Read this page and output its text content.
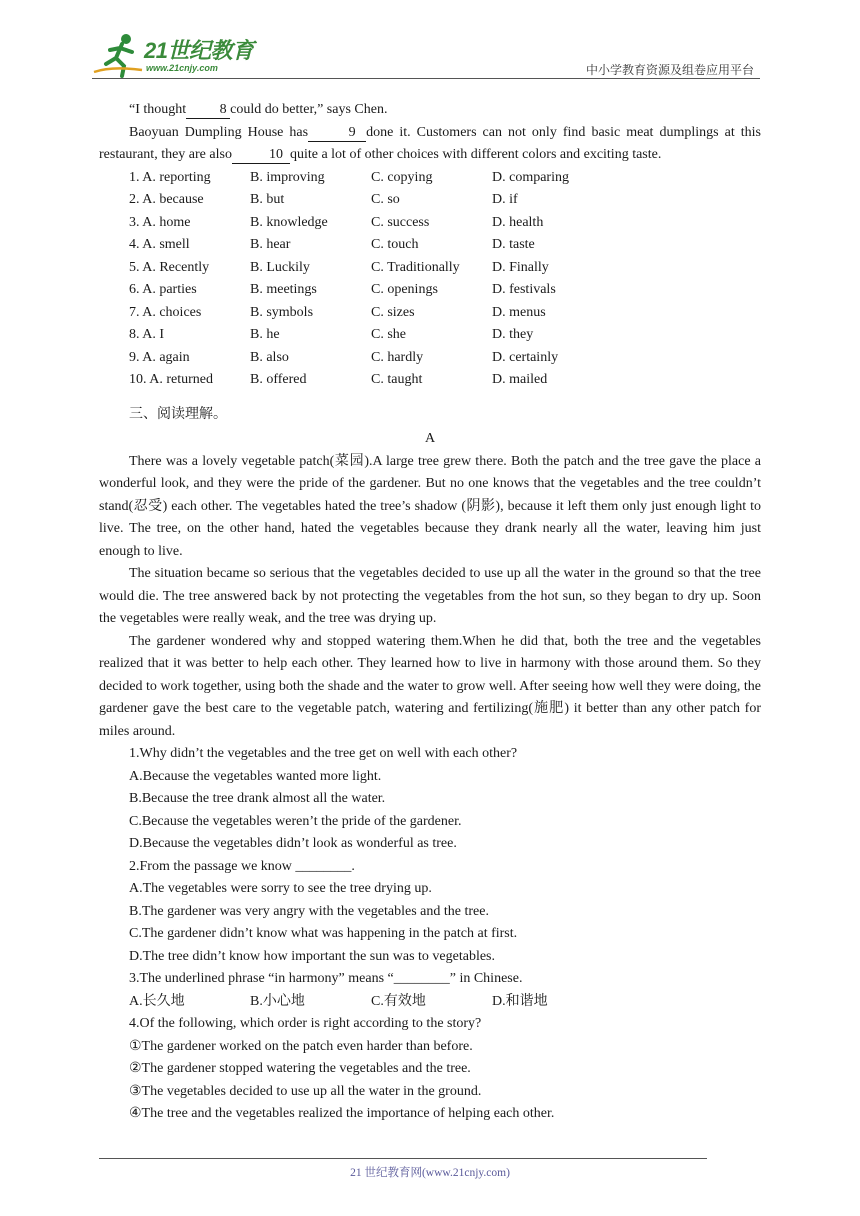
21世纪教育
www.21cnjy.com	中小学教育资源及组卷应用平台

“I thought 8 could do better,” says Chen.

Baoyuan Dumpling House has	9 done it. Customers can not only find basic meat dumplings at this restaurant, they are also	10 quite a lot of other choices with different colors and exciting taste.

1. A. reporting	B. improving	C. copying	D. comparing
2. A. because	B. but	C. so	D. if
3. A. home	B. knowledge	C. success	D. health
4. A. smell	B. hear	C. touch	D. taste
5. A. Recently	B. Luckily	C. Traditionally	D. Finally
6. A. parties	B. meetings	C. openings	D. festivals
7. A. choices	B. symbols	C. sizes	D. menus
8. A. I	B. he	C. she	D. they
9. A. again	B. also	C. hardly	D. certainly
10. A. returned	B. offered	C. taught	D. mailed
三、阅读理解。
A

There was a lovely vegetable patch(菜园).A large tree grew there. Both the patch and the tree gave the place a wonderful look, and they were the pride of the gardener. But no one knows that the vegetables and the tree couldn’t stand(忍受) each other. The vegetables hated the tree’s shadow (阴影), because it left them only just enough light to live. The tree, on the other hand, hated the vegetables because they drank nearly all the water, leaving him just enough to live.

The situation became so serious that the vegetables decided to use up all the water in the ground so that the tree would die. The tree answered back by not protecting the vegetables from the hot sun, so they began to dry up. Soon the vegetables were really weak, and the tree was drying up.

The gardener wondered why and stopped watering them.When he did that, both the tree and the vegetables realized that it was better to help each other. They learned how to live in harmony with those around them. So they decided to work together, using both the shade and the water to grow well. After seeing how well they were doing, the gardener gave the best care to the vegetable patch, watering and fertilizing(施肥) it better than any other patch for miles around.

1.Why didn’t the vegetables and the tree get on well with each other?

A.Because the vegetables wanted more light.

B.Because the tree drank almost all the water.

C.Because the vegetables weren’t the pride of the gardener.

D.Because the vegetables didn’t look as wonderful as tree.

2.From the passage we know ________.

A.The vegetables were sorry to see the tree drying up.

B.The gardener was very angry with the vegetables and the tree.

C.The gardener didn’t know what was happening in the patch at first.

D.The tree didn’t know how important the sun was to vegetables.

3.The underlined phrase “in harmony” means “________” in Chinese.

A.长久地	B.小心地	C.有效地	D.和谐地

4.Of the following, which order is right according to the story?

①The gardener worked on the patch even harder than before.

②The gardener stopped watering the vegetables and the tree.

③The vegetables decided to use up all the water in the ground.

④The tree and the vegetables realized the importance of helping each other.

21 世纪教育网(www.21cnjy.com)
